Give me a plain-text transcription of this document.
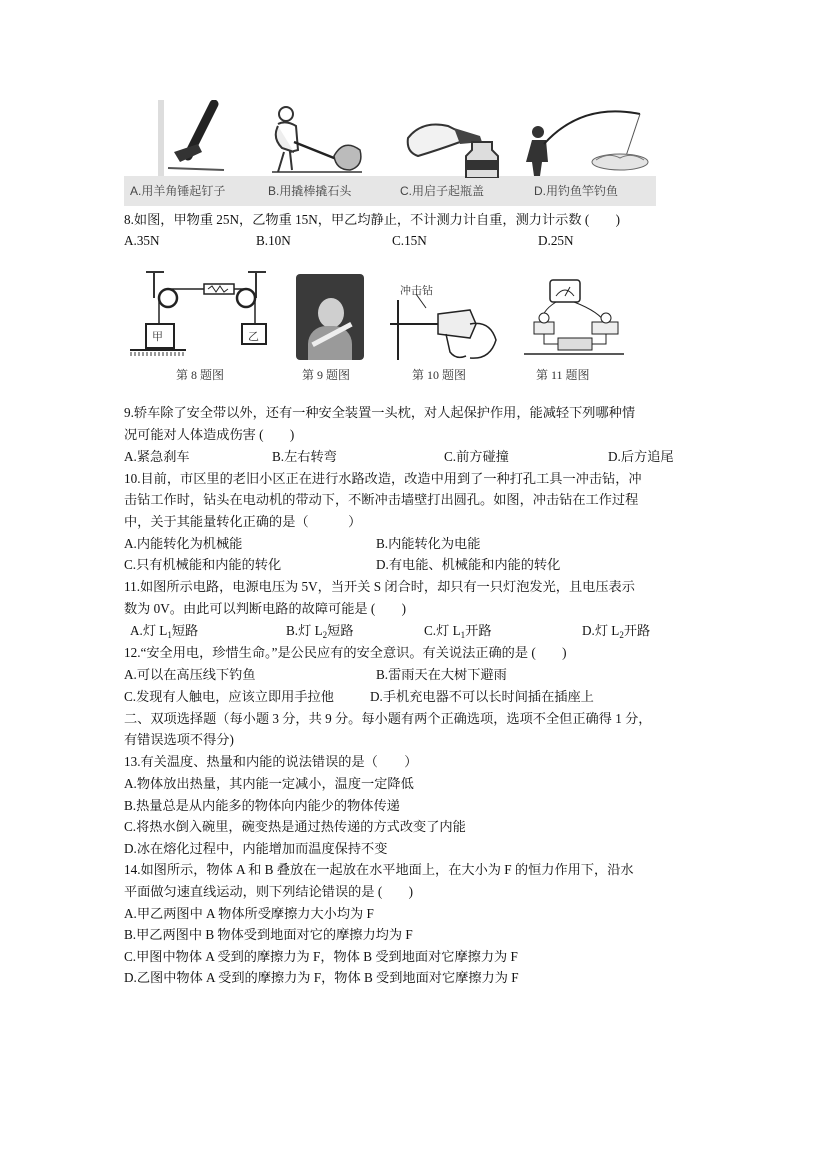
A.用羊角锤起钉子	B.用撬棒撬石头	C.用启子起瓶盖	D.用钓鱼竿钓鱼
8.如图，甲物重 25N，乙物重 15N，甲乙均静止，不计测力计自重，测力计示数 (　　)
A.35N	B.10N	C.15N	D.25N
甲	乙
冲击钻
第 8 题图	第 9 题图	第 10 题图	第 11 题图
9.轿车除了安全带以外，还有一种安全装置一头枕，对人起保护作用，能减轻下列哪种情
况可能对人体造成伤害 (　　)
A.紧急刹车	B.左右转弯	C.前方碰撞	D.后方追尾
10.目前，市区里的老旧小区正在进行水路改造，改造中用到了一种打孔工具一冲击钻，冲
击钻工作时，钻头在电动机的带动下，不断冲击墙壁打出圆孔。如图，冲击钻在工作过程
中，关于其能量转化正确的是（　　　）
A.内能转化为机械能	B.内能转化为电能
C.只有机械能和内能的转化	D.有电能、机械能和内能的转化
11.如图所示电路，电源电压为 5V，当开关 S 闭合时，却只有一只灯泡发光，且电压表示
数为 0V。由此可以判断电路的故障可能是 (　　)
A.灯 $L_1$短路	B.灯 $L_2$短路	C.灯 $L_1$开路	D.灯 $L_2$开路
12.“安全用电，珍惜生命。”是公民应有的安全意识。有关说法正确的是 (　　)
A.可以在高压线下钓鱼	B.雷雨天在大树下避雨
C.发现有人触电，应该立即用手拉他	D.手机充电器不可以长时间插在插座上
二、双项选择题（每小题 3 分，共 9 分。每小题有两个正确选项，选项不全但正确得 1 分，
有错误选项不得分)
13.有关温度、热量和内能的说法错误的是（　　）
A.物体放出热量，其内能一定减小，温度一定降低
B.热量总是从内能多的物体向内能少的物体传递
C.将热水倒入碗里，碗变热是通过热传递的方式改变了内能
D.冰在熔化过程中，内能增加而温度保持不变
14.如图所示，物体 A 和 B 叠放在一起放在水平地面上，在大小为 F 的恒力作用下，沿水
平面做匀速直线运动，则下列结论错误的是 (　　)
A.甲乙两图中 A 物体所受摩擦力大小均为 F
B.甲乙两图中 B 物体受到地面对它的摩擦力均为 F
C.甲图中物体 A 受到的摩擦力为 F，物体 B 受到地面对它摩擦力为 F
D.乙图中物体 A 受到的摩擦力为 F，物体 B 受到地面对它摩擦力为 F
